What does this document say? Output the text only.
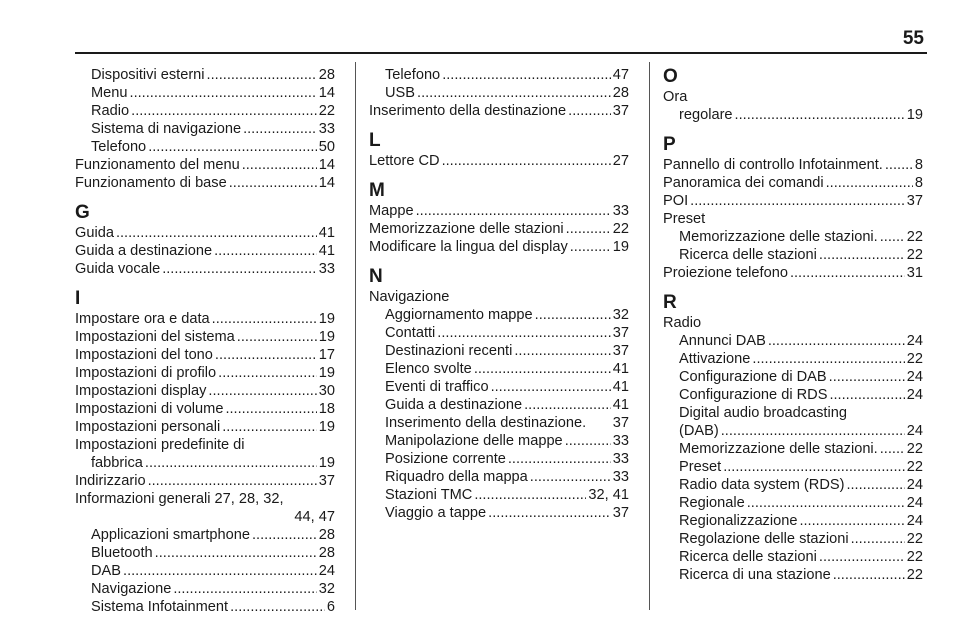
55
Dispositivi esterni .....	28
Menu .....	14
Radio .....	22
Sistema di navigazione .....	33
Telefono .....	50
Funzionamento del menu .....	14
Funzionamento di base .....	14
G
Guida .....	41
Guida a destinazione .....	41
Guida vocale .....	33
I
Impostare ora e data .....	19
Impostazioni del sistema .....	19
Impostazioni del tono .....	17
Impostazioni di profilo .....	19
Impostazioni display .....	30
Impostazioni di volume .....	18
Impostazioni personali .....	19
Impostazioni predefinite di
fabbrica .....	19
Indirizzario .....	37
Informazioni generali 27, 28, 32,
44, 47
Applicazioni smartphone .....	28
Bluetooth .....	28
DAB .....	24
Navigazione .....	32
Sistema Infotainment .....	6
Telefono .....	47
USB .....	28
Inserimento della destinazione .....	37
L
Lettore CD .....	27
M
Mappe .....	33
Memorizzazione delle stazioni .....	22
Modificare la lingua del display .....	19
N
Navigazione
Aggiornamento mappe .....	32
Contatti .....	37
Destinazioni recenti .....	37
Elenco svolte .....	41
Eventi di traffico .....	41
Guida a destinazione .....	41
Inserimento della destinazione. 37
Manipolazione delle mappe .....	33
Posizione corrente .....	33
Riquadro della mappa .....	33
Stazioni TMC .....	32, 41
Viaggio a tappe .....	37
O
Ora
regolare .....	19
P
Pannello di controllo Infotainment. ..... 8
Panoramica dei comandi .....	8
POI .....	37
Preset
Memorizzazione delle stazioni. ..... 22
Ricerca delle stazioni .....	22
Proiezione telefono .....	31
R
Radio
Annunci DAB .....	24
Attivazione .....	22
Configurazione di DAB .....	24
Configurazione di RDS .....	24
Digital audio broadcasting
(DAB) .....	24
Memorizzazione delle stazioni. ..... 22
Preset .....	22
Radio data system (RDS) .....	24
Regionale .....	24
Regionalizzazione .....	24
Regolazione delle stazioni .....	22
Ricerca delle stazioni .....	22
Ricerca di una stazione .....	22
